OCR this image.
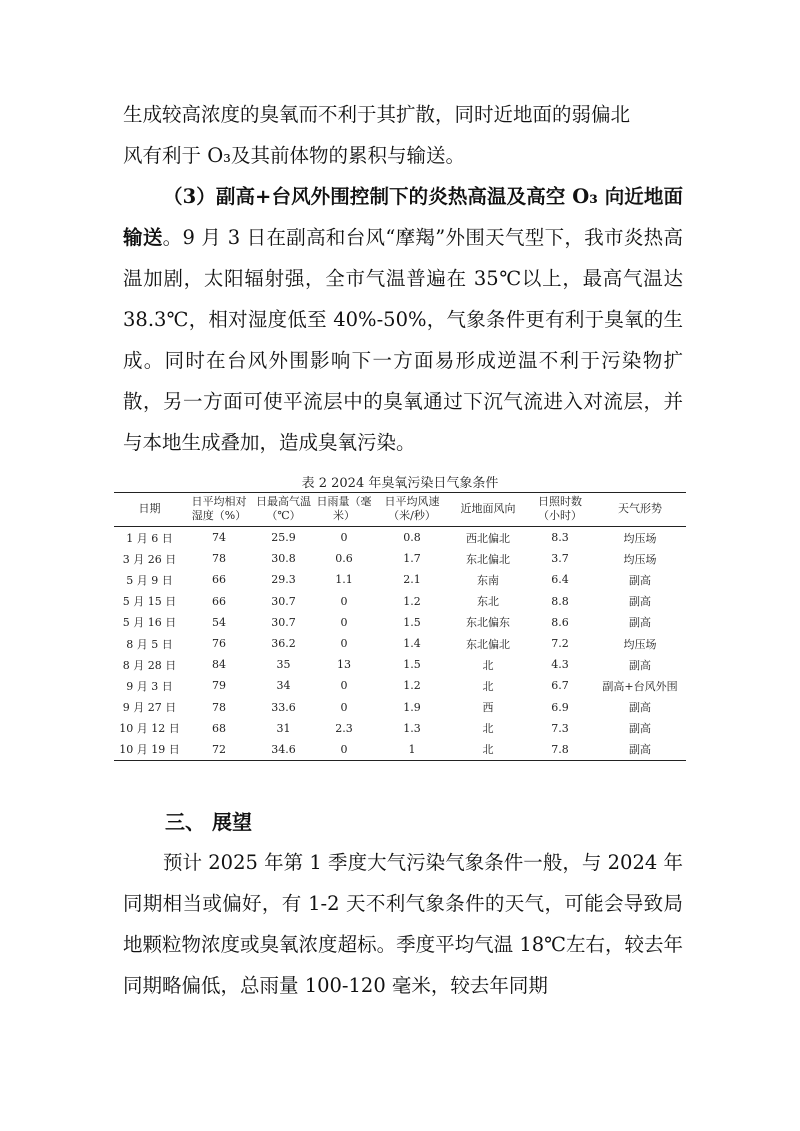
生成较高浓度的臭氧而不利于其扩散，同时近地面的弱偏北
风有利于 O₃及其前体物的累积与输送。

（3）副高+台风外围控制下的炎热高温及高空 O₃ 向近地面输送。9 月 3 日在副高和台风“摩羯”外围天气型下，我市炎热高温加剧，太阳辐射强，全市气温普遍在 35℃以上，最高气温达 38.3℃，相对湿度低至 40%-50%，气象条件更有利于臭氧的生成。同时在台风外围影响下一方面易形成逆温不利于污染物扩散，另一方面可使平流层中的臭氧通过下沉气流进入对流层，并与本地生成叠加，造成臭氧污染。

表 2 2024 年臭氧污染日气象条件
日期	日平均相对湿度（%）	日最高气温（℃）	日雨量（毫米）	日平均风速（米/秒）	近地面风向	日照时数（小时）	天气形势
1 月 6 日	74	25.9	0	0.8	西北偏北	8.3	均压场
3 月 26 日	78	30.8	0.6	1.7	东北偏北	3.7	均压场
5 月 9 日	66	29.3	1.1	2.1	东南	6.4	副高
5 月 15 日	66	30.7	0	1.2	东北	8.8	副高
5 月 16 日	54	30.7	0	1.5	东北偏东	8.6	副高
8 月 5 日	76	36.2	0	1.4	东北偏北	7.2	均压场
8 月 28 日	84	35	13	1.5	北	4.3	副高
9 月 3 日	79	34	0	1.2	北	6.7	副高+台风外围
9 月 27 日	78	33.6	0	1.9	西	6.9	副高
10 月 12 日	68	31	2.3	1.3	北	7.3	副高
10 月 19 日	72	34.6	0	1	北	7.8	副高
三、 展望

预计 2025 年第 1 季度大气污染气象条件一般，与 2024 年同期相当或偏好，有 1-2 天不利气象条件的天气，可能会导致局地颗粒物浓度或臭氧浓度超标。季度平均气温 18℃左右，较去年同期略偏低，总雨量 100-120 毫米，较去年同期
